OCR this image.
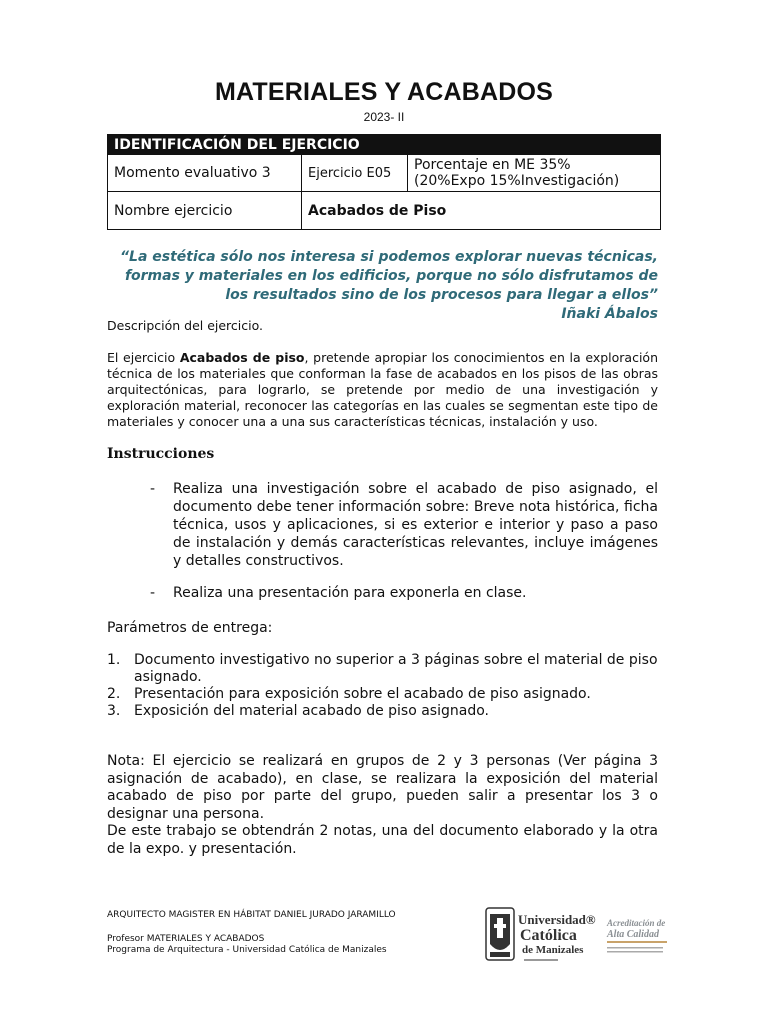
MATERIALES Y ACABADOS
2023- II
IDENTIFICACIÓN DEL EJERCICIO		
Momento evaluativo 3	Ejercicio E05	Porcentaje en ME 35%
(20%Expo 15%Investigación)

Nombre ejercicio	Acabados de Piso	
“La estética sólo nos interesa si podemos explorar nuevas técnicas,
formas y materiales en los edificios, porque no sólo disfrutamos de
los resultados sino de los procesos para llegar a ellos”
Iñaki Ábalos
Descripción del ejercicio.
El ejercicio Acabados de piso, pretende apropiar los conocimientos en la exploración técnica de los materiales que conforman la fase de acabados en los pisos de las obras arquitectónicas, para lograrlo, se pretende por medio de una investigación y exploración material, reconocer las categorías en las cuales se segmentan este tipo de materiales y conocer una a una sus características técnicas, instalación y uso.
Instrucciones
- Realiza una investigación sobre el acabado de piso asignado, el documento debe tener información sobre: Breve nota histórica, ficha técnica, usos y aplicaciones, si es exterior e interior y paso a paso de instalación y demás características relevantes, incluye imágenes y detalles constructivos.
- Realiza una presentación para exponerla en clase.
Parámetros de entrega:
1. Documento investigativo no superior a 3 páginas sobre el material de piso asignado.
2. Presentación para exposición sobre el acabado de piso asignado.
3. Exposición del material acabado de piso asignado.
Nota: El ejercicio se realizará en grupos de 2 y 3 personas (Ver página 3 asignación de acabado), en clase, se realizara la exposición del material acabado de piso por parte del grupo, pueden salir a presentar los 3 o designar una persona.
De este trabajo se obtendrán 2 notas, una del documento elaborado y la otra de la expo. y presentación.
ARQUITECTO MAGISTER EN HÁBITAT DANIEL JURADO JARAMILLO
Profesor MATERIALES Y ACABADOS
Programa de Arquitectura - Universidad Católica de Manizales
Universidad®
Católica
de Manizales
Acreditación de
Alta Calidad
